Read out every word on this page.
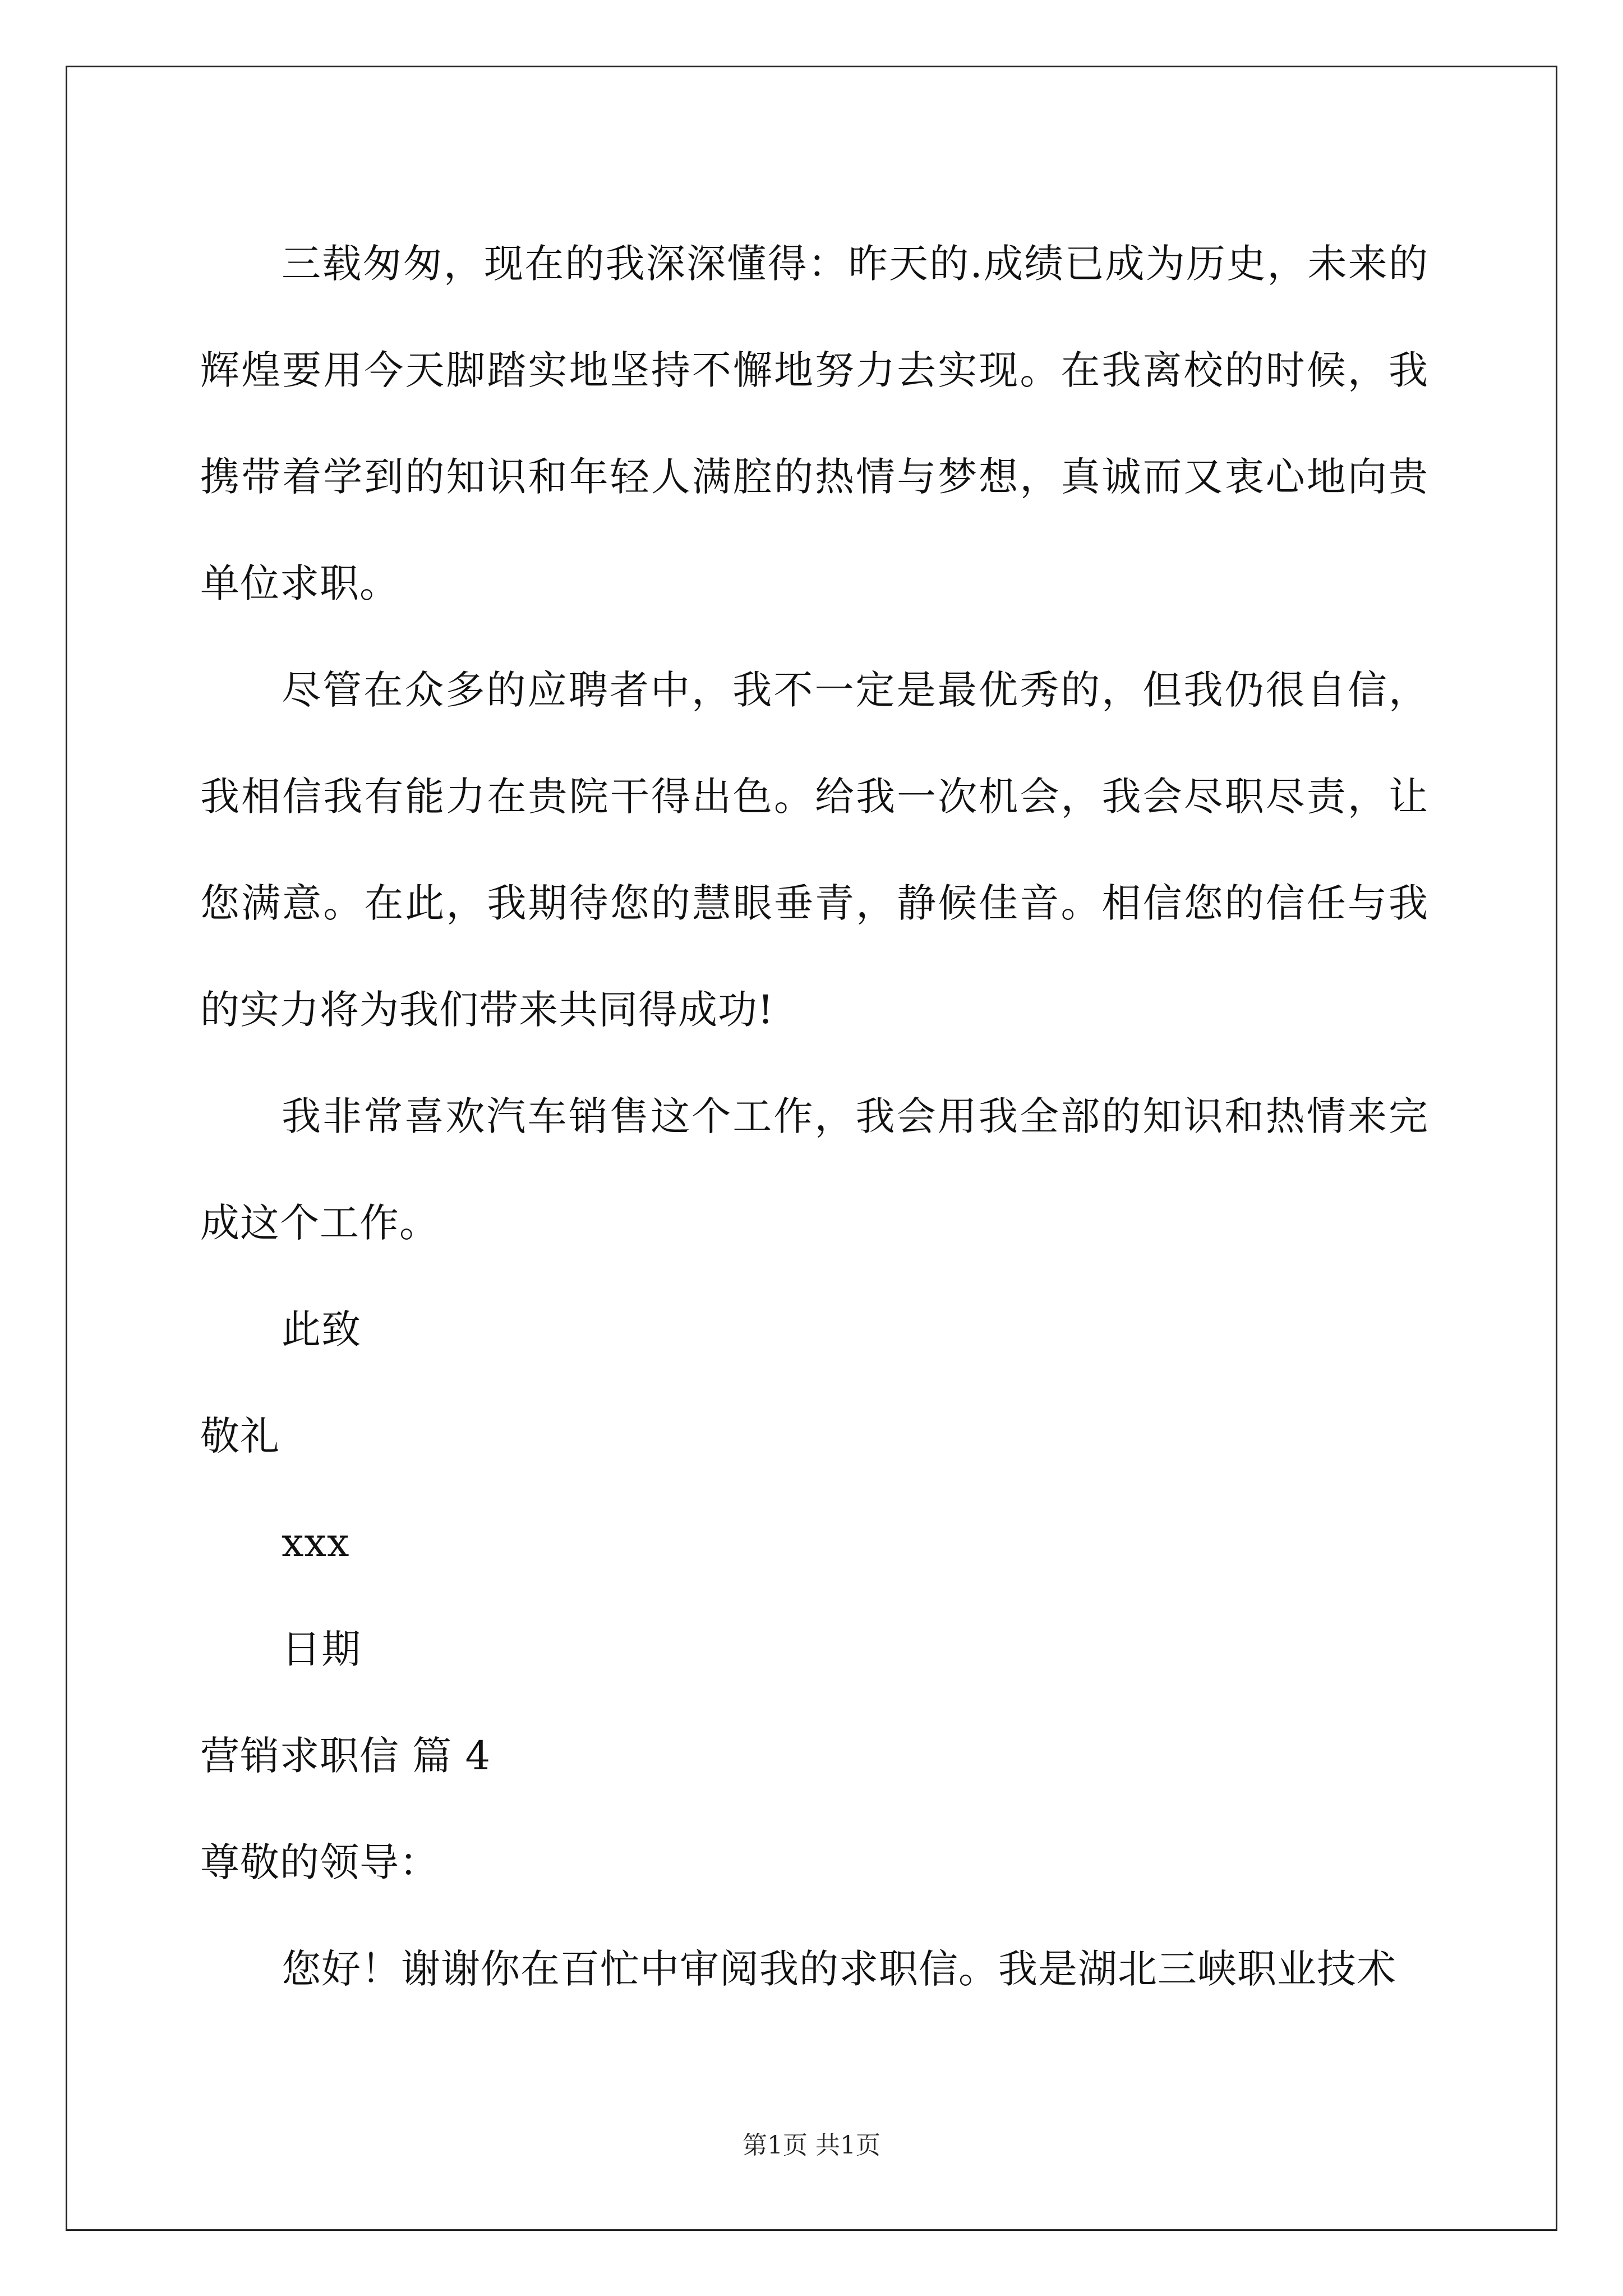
三载匆匆，现在的我深深懂得：昨天的.成绩已成为历史，未来的辉煌要用今天脚踏实地坚持不懈地努力去实现。在我离校的时候，我携带着学到的知识和年轻人满腔的热情与梦想，真诚而又衷心地向贵单位求职。

尽管在众多的应聘者中，我不一定是最优秀的，但我仍很自信，我相信我有能力在贵院干得出色。给我一次机会，我会尽职尽责，让您满意。在此，我期待您的慧眼垂青，静候佳音。相信您的信任与我的实力将为我们带来共同得成功!

我非常喜欢汽车销售这个工作，我会用我全部的知识和热情来完成这个工作。

此致

敬礼

xxx

日期

营销求职信 篇 4

尊敬的领导：

您好！谢谢你在百忙中审阅我的求职信。我是湖北三峡职业技术

第1页 共1页
